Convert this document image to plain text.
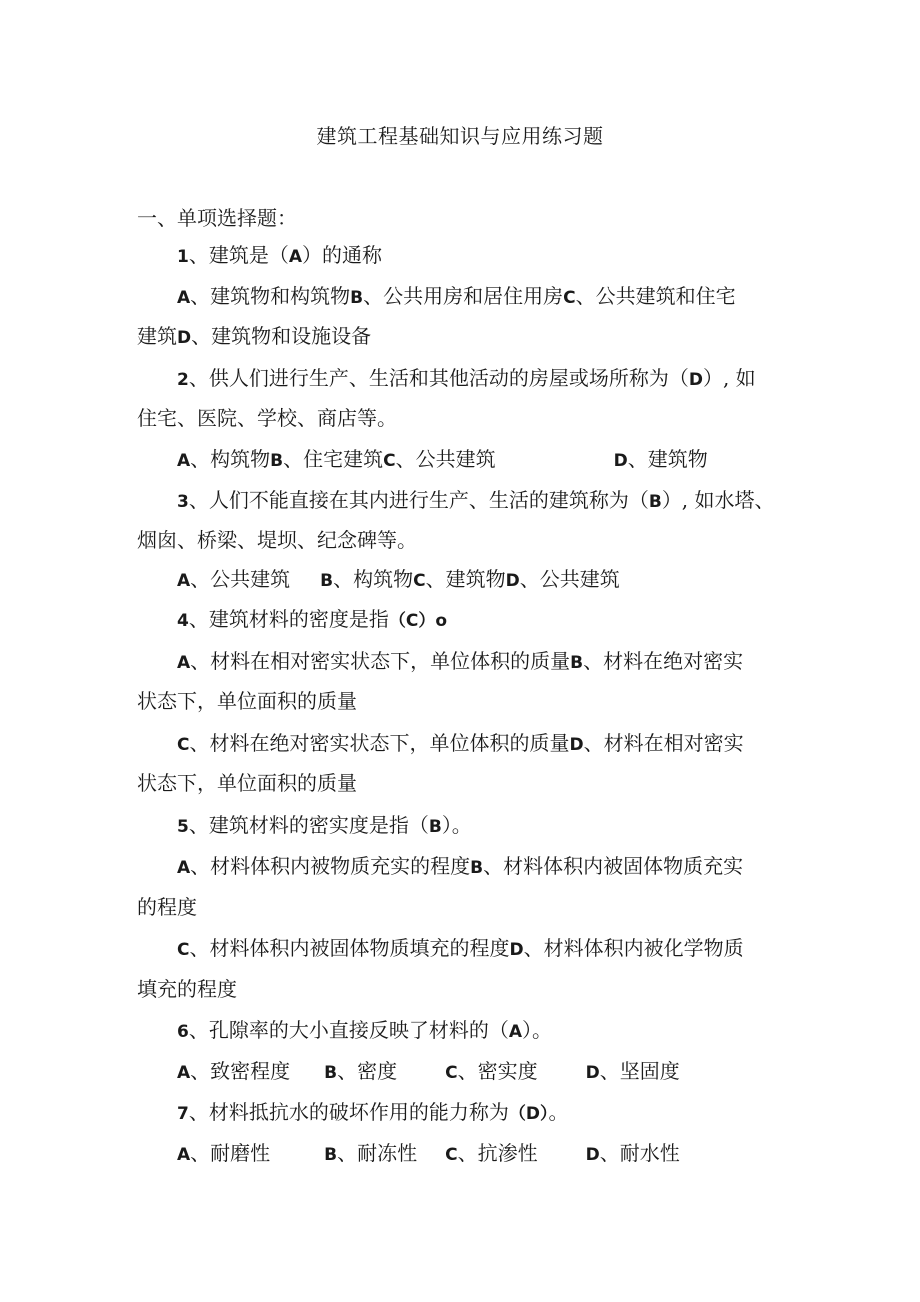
建筑工程基础知识与应用练习题
一、单项选择题：
1、建筑是（A）的通称
A、建筑物和构筑物B、公共用房和居住用房C、公共建筑和住宅
建筑D、建筑物和设施设备
2、供人们进行生产、生活和其他活动的房屋或场所称为（D）, 如
住宅、医院、学校、商店等。
A、构筑物B、住宅建筑C、公共建筑	D、建筑物
3、人们不能直接在其内进行生产、生活的建筑称为（B）, 如水塔、
烟囱、桥梁、堤坝、纪念碑等。
A、公共建筑 B、构筑物C、建筑物D、公共建筑
4、建筑材料的密度是指（C）o
A、材料在相对密实状态下，单位体积的质量B、材料在绝对密实
状态下，单位面积的质量
C、材料在绝对密实状态下，单位体积的质量D、材料在相对密实
状态下，单位面积的质量
5、建筑材料的密实度是指（B）。
A、材料体积内被物质充实的程度B、材料体积内被固体物质充实
的程度
C、材料体积内被固体物质填充的程度D、材料体积内被化学物质
填充的程度
6、孔隙率的大小直接反映了材料的（A）。
A、致密程度 B、密度	C、密实度	D、坚固度
7、材料抵抗水的破坏作用的能力称为（D）。
A、耐磨性	B、耐冻性 C、抗渗性	D、耐水性
